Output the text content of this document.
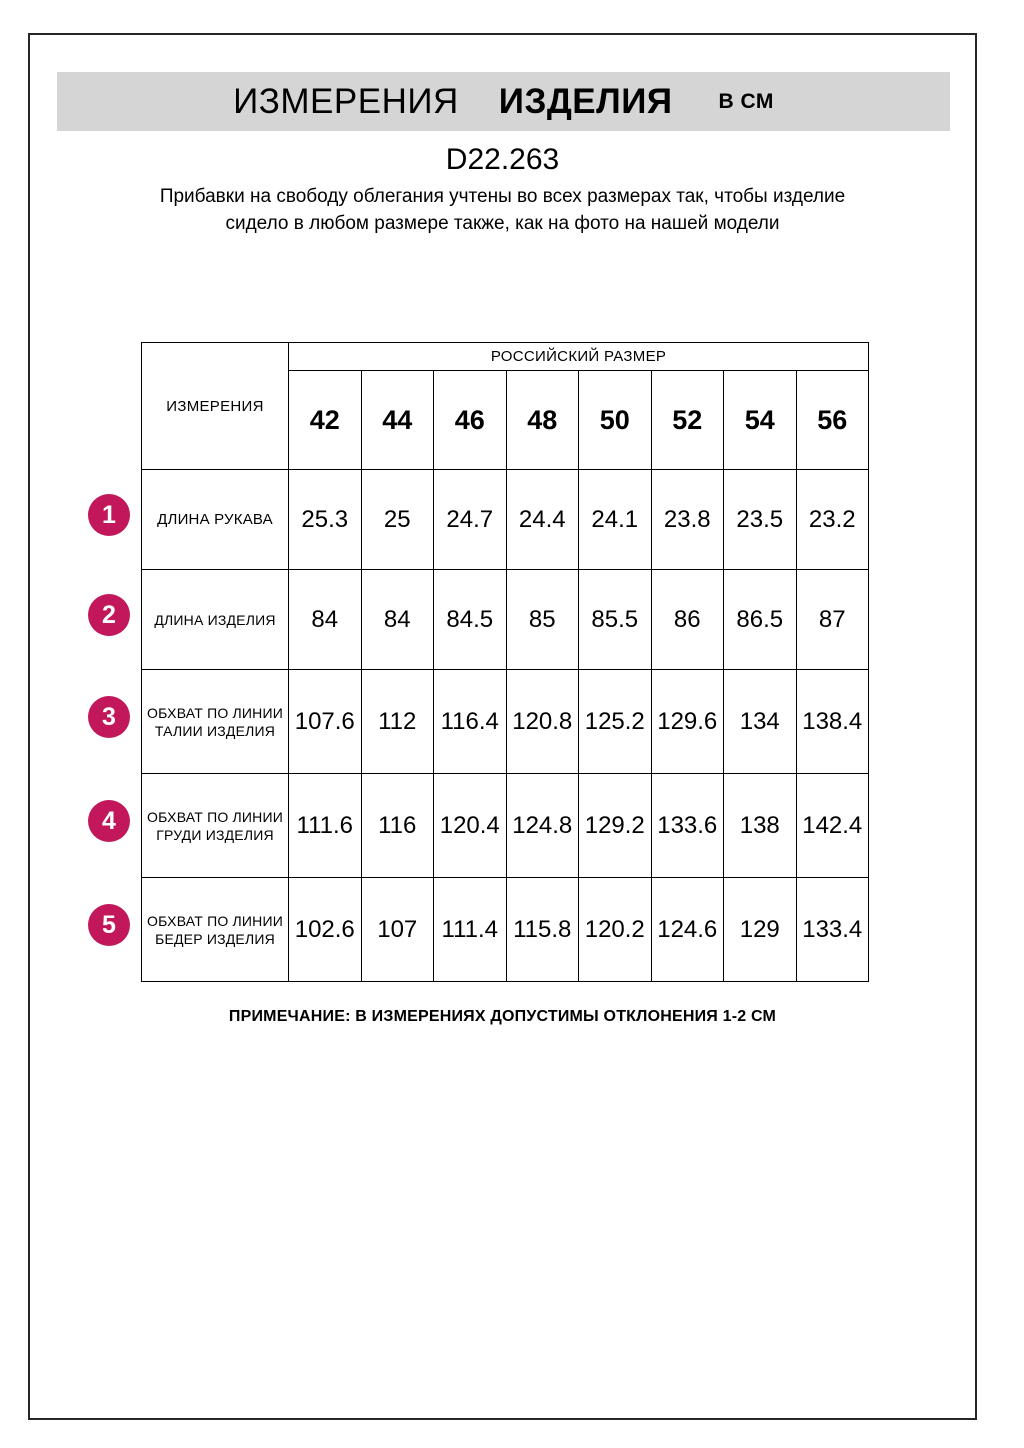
ИЗМЕРЕНИЯ ИЗДЕЛИЯ В СМ
D22.263
Прибавки на свободу облегания учтены во всех размерах так, чтобы изделие сидело в любом размере также, как на фото на нашей модели
ИЗМЕРЕНИЯ	РОССИЙСКИЙ РАЗМЕР							
	42	44	46	48	50	52	54	56
ДЛИНА РУКАВА	25.3	25	24.7	24.4	24.1	23.8	23.5	23.2
ДЛИНА ИЗДЕЛИЯ	84	84	84.5	85	85.5	86	86.5	87
ОБХВАТ ПО ЛИНИИ ТАЛИИ ИЗДЕЛИЯ	107.6	112	116.4	120.8	125.2	129.6	134	138.4
ОБХВАТ ПО ЛИНИИ ГРУДИ ИЗДЕЛИЯ	111.6	116	120.4	124.8	129.2	133.6	138	142.4
ОБХВАТ ПО ЛИНИИ БЕДЕР ИЗДЕЛИЯ	102.6	107	111.4	115.8	120.2	124.6	129	133.4
1
2
3
4
5
ПРИМЕЧАНИЕ: В ИЗМЕРЕНИЯХ ДОПУСТИМЫ ОТКЛОНЕНИЯ 1-2 СМ
